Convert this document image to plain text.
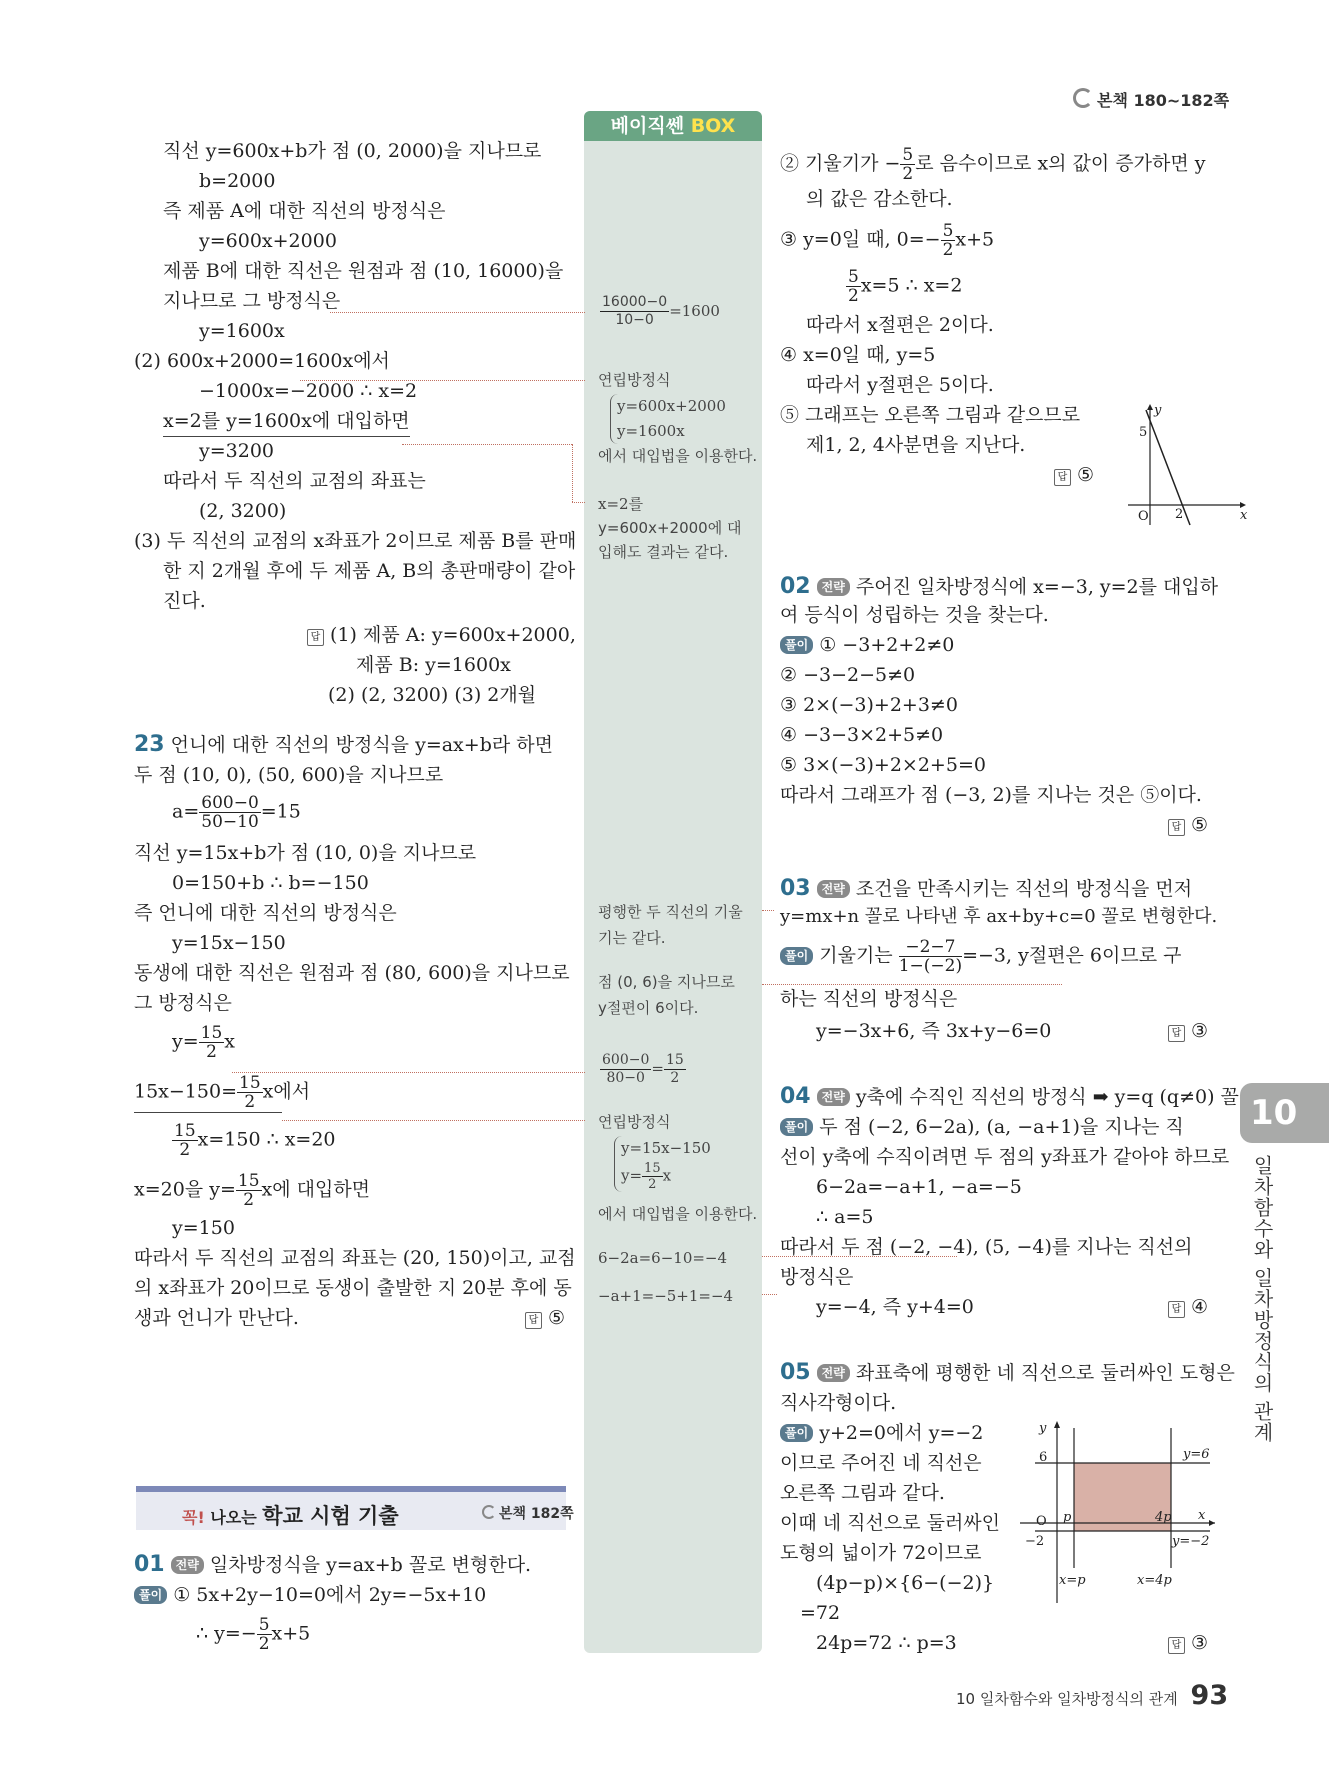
본책 180~182쪽
베이직쎈 BOX
직선 y=600x+b가 점 (0, 2000)을 지나므로
b=2000
즉 제품 A에 대한 직선의 방정식은
y=600x+2000
제품 B에 대한 직선은 원점과 점 (10, 16000)을
지나므로 그 방정식은
y=1600x
(2) 600x+2000=1600x에서
−1000x=−2000 ∴ x=2
x=2를 y=1600x에 대입하면
y=3200
따라서 두 직선의 교점의 좌표는
(2, 3200)
(3) 두 직선의 교점의 x좌표가 2이므로 제품 B를 판매
한 지 2개월 후에 두 제품 A, B의 총판매량이 같아
진다.
답 (1) 제품 A: y=600x+2000,
제품 B: y=1600x
(2) (2, 3200) (3) 2개월
23 언니에 대한 직선의 방정식을 y=ax+b라 하면
두 점 (10, 0), (50, 600)을 지나므로
$a= \frac{600-0}{50-10} =15$
직선 y=15x+b가 점 (10, 0)을 지나므로
0=150+b ∴ b=−150
즉 언니에 대한 직선의 방정식은
y=15x−150
동생에 대한 직선은 원점과 점 (80, 600)을 지나므로
그 방정식은
$y= \frac{15}{2}$ x
$15x-150= \frac{15}{2}$ x에서
$\frac{15}{2} x=150$ ∴ x=20
x=20을 $y= \frac{15}{2}$ x에 대입하면
y=150
따라서 두 직선의 교점의 좌표는 (20, 150)이고, 교점
의 x좌표가 20이므로 동생이 출발한 지 20분 후에 동
생과 언니가 만난다.	답 ⑤
꼭! 나오는 학교 시험 기출	본책 182쪽
01 전략 일차방정식을 y=ax+b 꼴로 변형한다.
풀이 ① 5x+2y−10=0에서 2y=−5x+10
∴ $y=- \frac{5}{2} x+5$
$\frac{16000-0}{10-0} =1600$
연립방정식
y=600x+2000
y=1600x
에서 대입법을 이용한다.
x=2를
y=600x+2000에 대
입해도 결과는 같다.
평행한 두 직선의 기울
기는 같다.
점 (0, 6)을 지나므로
y절편이 6이다.
$\frac{600-0}{80-0} = \frac{15}{2}$
연립방정식
y=15x−150
$y= \frac{15}{2}$ x
에서 대입법을 이용한다.
6−2a=6−10=−4
−a+1=−5+1=−4
② 기울기가 − $\frac{5}{2}$ 로 음수이므로 x의 값이 증가하면 y
의 값은 감소한다.
③ y=0일 때, $0=- \frac{5}{2} x+5$
$\frac{5}{2} x=5$ ∴ x=2
따라서 x절편은 2이다.
④ x=0일 때, y=5
따라서 y절편은 5이다.
⑤ 그래프는 오른쪽 그림과 같으므로
제1, 2, 4사분면을 지난다.
답 ⑤
y
x
O
5
2
02 전략 주어진 일차방정식에 x=−3, y=2를 대입하
여 등식이 성립하는 것을 찾는다.
풀이 ① −3+2+2≠0
② −3−2−5≠0
③ 2×(−3)+2+3≠0
④ −3−3×2+5≠0
⑤ 3×(−3)+2×2+5=0
따라서 그래프가 점 (−3, 2)를 지나는 것은 ⑤이다.
답 ⑤
03 전략 조건을 만족시키는 직선의 방정식을 먼저
y=mx+n 꼴로 나타낸 후 ax+by+c=0 꼴로 변형한다.
풀이 기울기는 $\frac{-2-7}{1-(-2)} =-3$, y절편은 6이므로 구
하는 직선의 방정식은
y=−3x+6, 즉 3x+y−6=0	답 ③
04 전략 y축에 수직인 직선의 방정식 ➡ y=q (q≠0) 꼴
풀이 두 점 (−2, 6−2a), (a, −a+1)을 지나는 직
선이 y축에 수직이려면 두 점의 y좌표가 같아야 하므로
6−2a=−a+1, −a=−5
∴ a=5
따라서 두 점 (−2, −4), (5, −4)를 지나는 직선의
방정식은
y=−4, 즉 y+4=0	답 ④
05 전략 좌표축에 평행한 네 직선으로 둘러싸인 도형은
직사각형이다.
풀이 y+2=0에서 y=−2
이므로 주어진 네 직선은
오른쪽 그림과 같다.
이때 네 직선으로 둘러싸인
도형의 넓이가 72이므로
(4p−p)×{6−(−2)}
=72
24p=72 ∴ p=3	답 ③
y
x
6
O p	4p
−2
y=6
y=−2
x=p	x=4p
10
일차함수와 일차방정식의 관계
10 일차함수와 일차방정식의 관계 93
